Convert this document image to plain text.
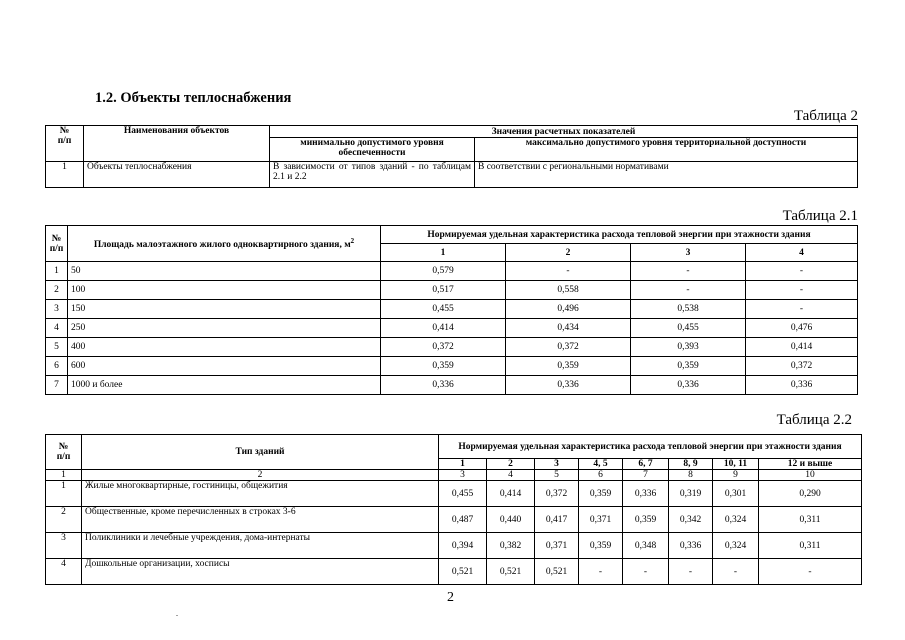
1.2. Объекты теплоснабжения
Таблица 2
№
п/п	Наименования объектов	Значения расчетных показателей	
		минимально допустимого уровня обеспеченности	максимально допустимого уровня территориальной доступности
1	Объекты теплоснабжения	В зависимости от типов зданий - по таблицам 2.1 и 2.2	В соответствии с региональными нормативами
Таблица 2.1
№
п/п	Площадь малоэтажного жилого одноквартирного здания, $м^2$	Нормируемая удельная характеристика расхода тепловой энергии при этажности здания			
		1	2	3	4
1	50	0,579	-	-	-
2	100	0,517	0,558	-	-
3	150	0,455	0,496	0,538	-
4	250	0,414	0,434	0,455	0,476
5	400	0,372	0,372	0,393	0,414
6	600	0,359	0,359	0,359	0,372
7	1000 и более	0,336	0,336	0,336	0,336
Таблица 2.2
№
п/п	Тип зданий	Нормируемая удельная характеристика расхода тепловой энергии при этажности здания							
		1	2	3	4, 5	6, 7	8, 9	10, 11	12 и выше
1	2	3	4	5	6	7	8	9	10
1	Жилые многоквартирные, гостиницы, общежития	0,455	0,414	0,372	0,359	0,336	0,319	0,301	0,290
2	Общественные, кроме перечисленных в строках 3-6	0,487	0,440	0,417	0,371	0,359	0,342	0,324	0,311
3	Поликлиники и лечебные учреждения, дома-интернаты	0,394	0,382	0,371	0,359	0,348	0,336	0,324	0,311
4	Дошкольные организации, хосписы	0,521	0,521	0,521	-	-	-	-	-
2
.
